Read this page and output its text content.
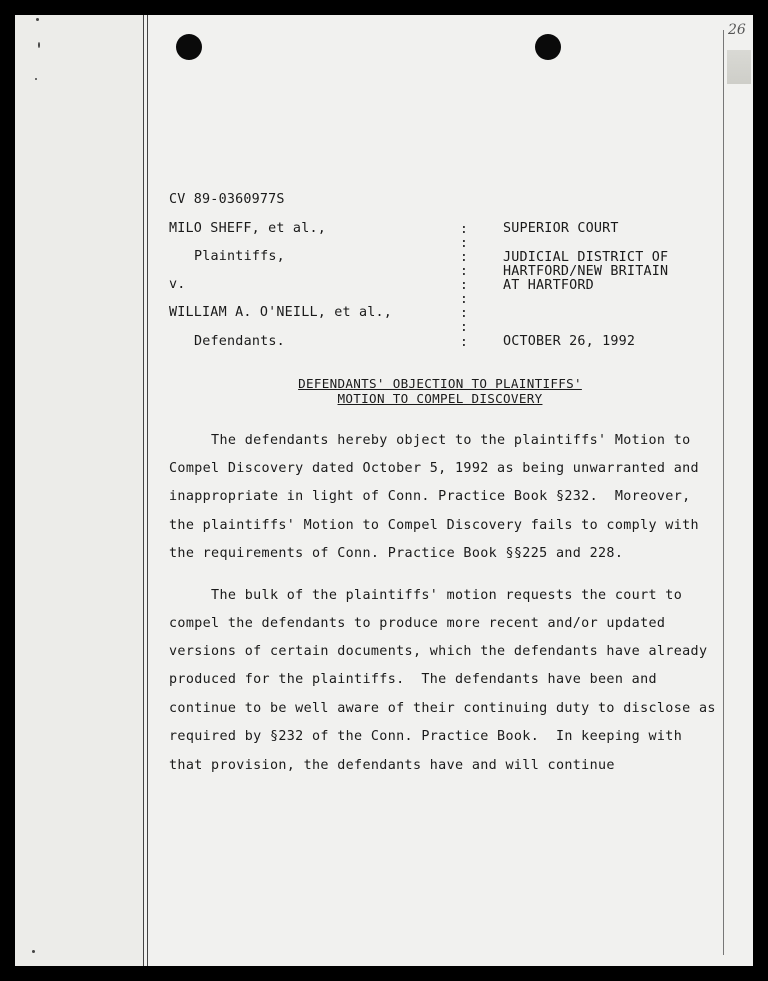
26
CV 89-0360977S
MILO SHEFF, et al.,
Plaintiffs,
v.
WILLIAM A. O'NEILL, et al.,
Defendants.
:
:
:
:
:
:
:
:
:
SUPERIOR COURT
JUDICIAL DISTRICT OF
HARTFORD/NEW BRITAIN
AT HARTFORD
OCTOBER 26, 1992
DEFENDANTS' OBJECTION TO PLAINTIFFS'
MOTION TO COMPEL DISCOVERY
The defendants hereby object to the plaintiffs' Motion to
Compel Discovery dated October 5, 1992 as being unwarranted and
inappropriate in light of Conn. Practice Book §232.  Moreover,
the plaintiffs' Motion to Compel Discovery fails to comply with
the requirements of Conn. Practice Book §§225 and 228.
The bulk of the plaintiffs' motion requests the court to
compel the defendants to produce more recent and/or updated
versions of certain documents, which the defendants have already
produced for the plaintiffs.  The defendants have been and
continue to be well aware of their continuing duty to disclose as
required by §232 of the Conn. Practice Book.  In keeping with
that provision, the defendants have and will continue
